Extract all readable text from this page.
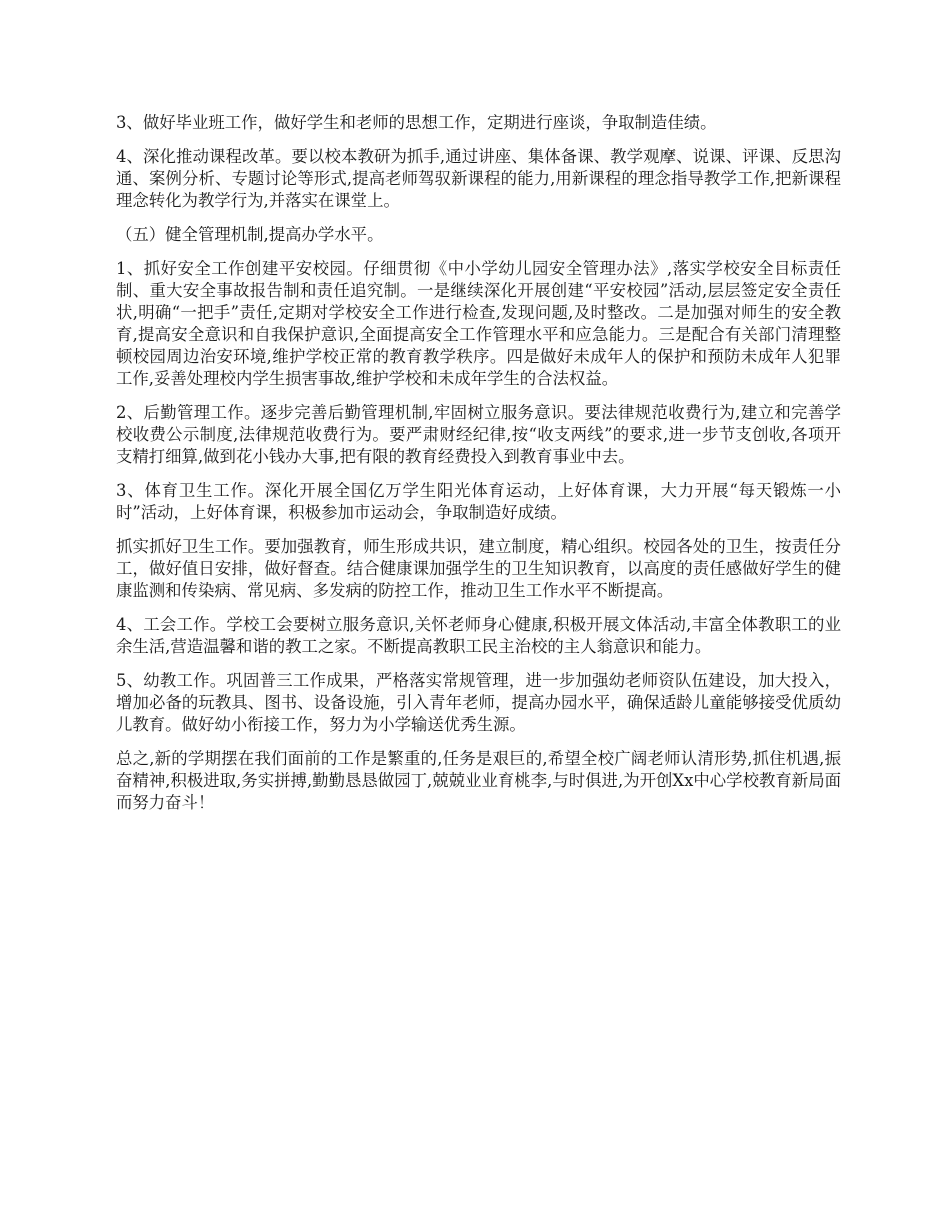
3、做好毕业班工作，做好学生和老师的思想工作，定期进行座谈，争取制造佳绩。

4、深化推动课程改革。要以校本教研为抓手,通过讲座、集体备课、教学观摩、说课、评课、反思沟通、案例分析、专题讨论等形式,提高老师驾驭新课程的能力,用新课程的理念指导教学工作,把新课程理念转化为教学行为,并落实在课堂上。

（五）健全管理机制,提高办学水平。

1、抓好安全工作创建平安校园。仔细贯彻《中小学幼儿园安全管理办法》,落实学校安全目标责任制、重大安全事故报告制和责任追究制。一是继续深化开展创建“平安校园”活动,层层签定安全责任状,明确“一把手”责任,定期对学校安全工作进行检查,发现问题,及时整改。二是加强对师生的安全教育,提高安全意识和自我保护意识,全面提高安全工作管理水平和应急能力。三是配合有关部门清理整顿校园周边治安环境,维护学校正常的教育教学秩序。四是做好未成年人的保护和预防未成年人犯罪工作,妥善处理校内学生损害事故,维护学校和未成年学生的合法权益。

2、后勤管理工作。逐步完善后勤管理机制,牢固树立服务意识。要法律规范收费行为,建立和完善学校收费公示制度,法律规范收费行为。要严肃财经纪律,按“收支两线”的要求,进一步节支创收,各项开支精打细算,做到花小钱办大事,把有限的教育经费投入到教育事业中去。

3、体育卫生工作。深化开展全国亿万学生阳光体育运动，上好体育课，大力开展“每天锻炼一小时”活动，上好体育课，积极参加市运动会，争取制造好成绩。

抓实抓好卫生工作。要加强教育，师生形成共识，建立制度，精心组织。校园各处的卫生，按责任分工，做好值日安排，做好督查。结合健康课加强学生的卫生知识教育，以高度的责任感做好学生的健康监测和传染病、常见病、多发病的防控工作，推动卫生工作水平不断提高。

4、工会工作。学校工会要树立服务意识,关怀老师身心健康,积极开展文体活动,丰富全体教职工的业余生活,营造温馨和谐的教工之家。不断提高教职工民主治校的主人翁意识和能力。

5、幼教工作。巩固普三工作成果，严格落实常规管理，进一步加强幼老师资队伍建设，加大投入，增加必备的玩教具、图书、设备设施，引入青年老师，提高办园水平，确保适龄儿童能够接受优质幼儿教育。做好幼小衔接工作，努力为小学输送优秀生源。

总之,新的学期摆在我们面前的工作是繁重的,任务是艰巨的,希望全校广阔老师认清形势,抓住机遇,振奋精神,积极进取,务实拼搏,勤勤恳恳做园丁,兢兢业业育桃李,与时俱进,为开创Xx中心学校教育新局面而努力奋斗！
